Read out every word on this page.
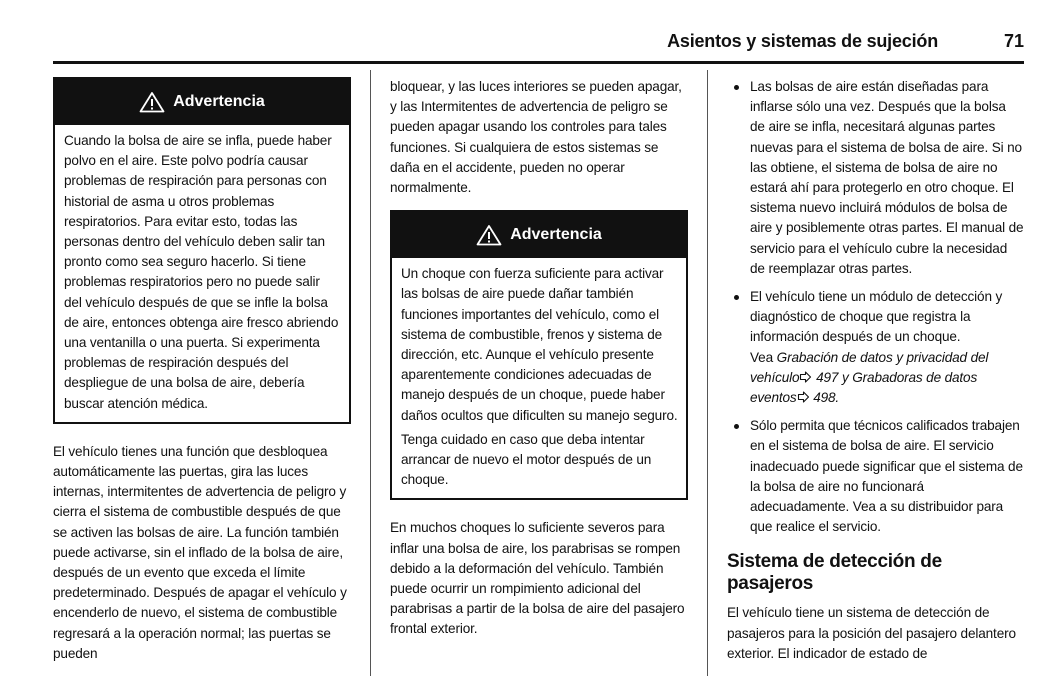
Asientos y sistemas de sujeción	71
Advertencia

Cuando la bolsa de aire se infla, puede haber polvo en el aire. Este polvo podría causar problemas de respiración para personas con historial de asma u otros problemas respiratorios. Para evitar esto, todas las personas dentro del vehículo deben salir tan pronto como sea seguro hacerlo. Si tiene problemas respiratorios pero no puede salir del vehículo después de que se infle la bolsa de aire, entonces obtenga aire fresco abriendo una ventanilla o una puerta. Si experimenta problemas de respiración después del despliegue de una bolsa de aire, debería buscar atención médica.

El vehículo tienes una función que desbloquea automáticamente las puertas, gira las luces internas, intermitentes de advertencia de peligro y cierra el sistema de combustible después de que se activen las bolsas de aire. La función también puede activarse, sin el inflado de la bolsa de aire, después de un evento que exceda el límite predeterminado. Después de apagar el vehículo y encenderlo de nuevo, el sistema de combustible regresará a la operación normal; las puertas se pueden

bloquear, y las luces interiores se pueden apagar, y las Intermitentes de advertencia de peligro se pueden apagar usando los controles para tales funciones. Si cualquiera de estos sistemas se daña en el accidente, pueden no operar normalmente.

Advertencia

Un choque con fuerza suficiente para activar las bolsas de aire puede dañar también funciones importantes del vehículo, como el sistema de combustible, frenos y sistema de dirección, etc. Aunque el vehículo presente aparentemente condiciones adecuadas de manejo después de un choque, puede haber daños ocultos que dificulten su manejo seguro.

Tenga cuidado en caso que deba intentar arrancar de nuevo el motor después de un choque.

En muchos choques lo suficiente severos para inflar una bolsa de aire, los parabrisas se rompen debido a la deformación del vehículo. También puede ocurrir un rompimiento adicional del parabrisas a partir de la bolsa de aire del pasajero frontal exterior.

Las bolsas de aire están diseñadas para inflarse sólo una vez. Después que la bolsa de aire se infla, necesitará algunas partes nuevas para el sistema de bolsa de aire. Si no las obtiene, el sistema de bolsa de aire no estará ahí para protegerlo en otro choque. El sistema nuevo incluirá módulos de bolsa de aire y posiblemente otras partes. El manual de servicio para el vehículo cubre la necesidad de reemplazar otras partes.
El vehículo tiene un módulo de detección y diagnóstico de choque que registra la información después de un choque.
Vea Grabación de datos y privacidad del vehículo 497 y Grabadoras de datos eventos 498.
Sólo permita que técnicos calificados trabajen en el sistema de bolsa de aire. El servicio inadecuado puede significar que el sistema de la bolsa de aire no funcionará adecuadamente. Vea a su distribuidor para que realice el servicio.
Sistema de detección de pasajeros

El vehículo tiene un sistema de detección de pasajeros para la posición del pasajero delantero exterior. El indicador de estado de
